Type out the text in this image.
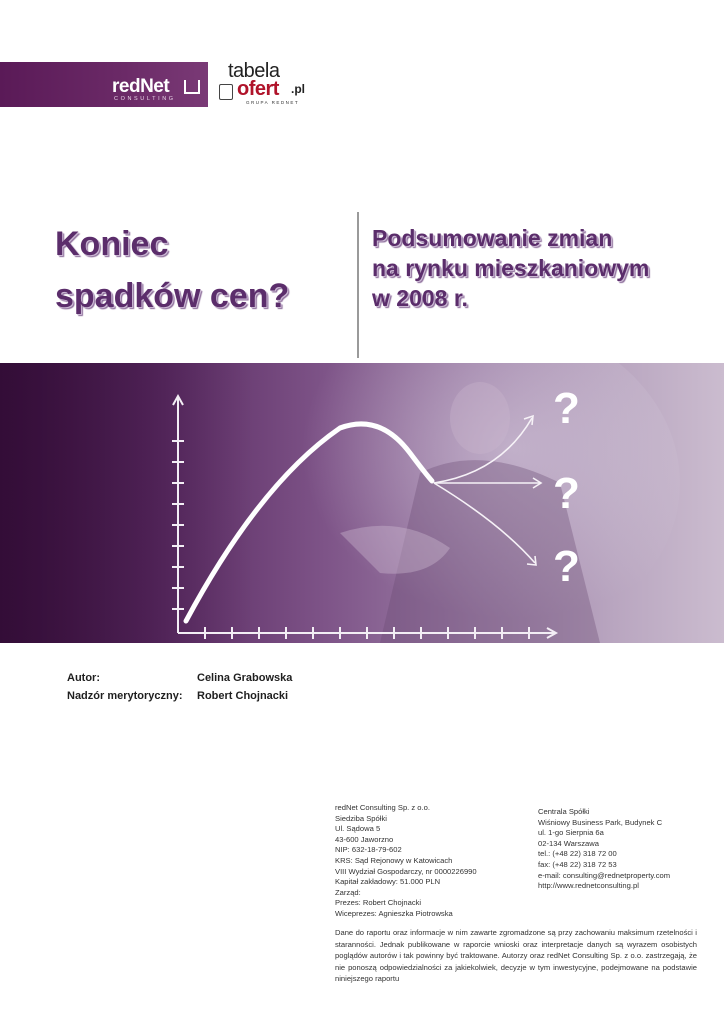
redNet
CONSULTING
tabela
ofert .pl
GRUPA REDNET
Koniec
spadków cen?
Podsumowanie zmian
na rynku mieszkaniowym
w 2008 r.
?
?
?
Autor:	Celina Grabowska
Nadzór merytoryczny: Robert Chojnacki
redNet Consulting Sp. z o.o.
Siedziba Spółki
Ul. Sądowa 5
43-600 Jaworzno
NIP: 632-18-79-602
KRS: Sąd Rejonowy w Katowicach
VIII Wydział Gospodarczy, nr 0000226990
Kapitał zakładowy: 51.000 PLN
Zarząd:
Prezes: Robert Chojnacki
Wiceprezes: Agnieszka Piotrowska
Centrala Spółki
Wiśniowy Business Park, Budynek C
ul. 1-go Sierpnia 6a
02-134 Warszawa
tel.: (+48 22) 318 72 00
fax: (+48 22) 318 72 53
e-mail: consulting@rednetproperty.com
http://www.rednetconsulting.pl
Dane do raportu oraz informacje w nim zawarte zgromadzone są przy zachowaniu maksimum rzetelności i staranności. Jednak publikowane w raporcie wnioski oraz interpretacje danych są wyrazem osobistych poglądów autorów i tak powinny być traktowane. Autorzy oraz redNet Consulting Sp. z o.o. zastrzegają, że nie ponoszą odpowiedzialności za jakiekolwiek, decyzje w tym inwestycyjne, podejmowane na podstawie niniejszego raportu
